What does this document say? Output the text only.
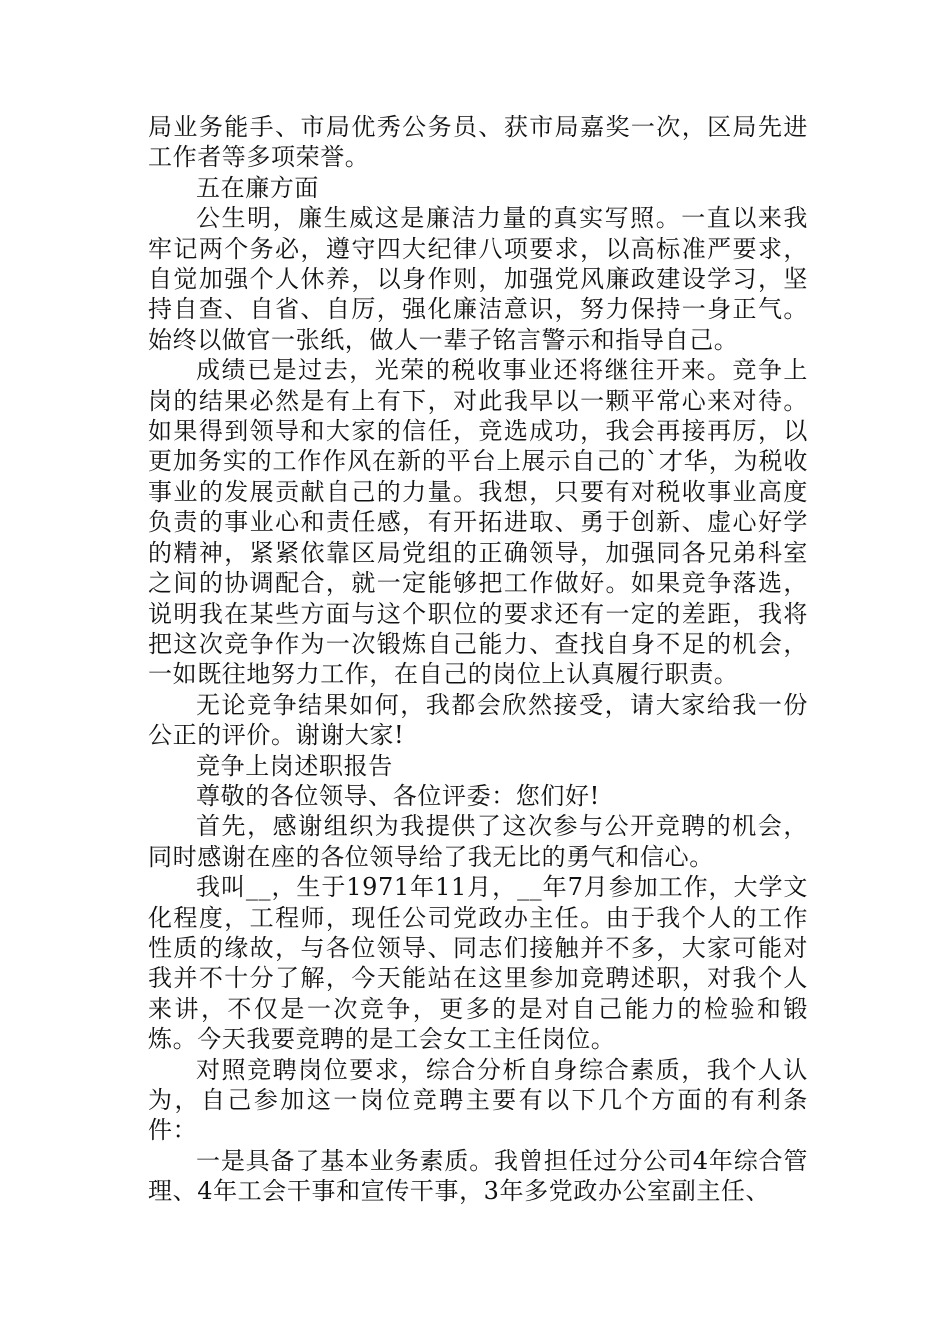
局业务能手、市局优秀公务员、获市局嘉奖一次，区局先进工作者等多项荣誉。

五在廉方面

公生明，廉生威这是廉洁力量的真实写照。一直以来我牢记两个务必，遵守四大纪律八项要求，以高标准严要求，自觉加强个人休养，以身作则，加强党风廉政建设学习，坚持自查、自省、自厉，强化廉洁意识，努力保持一身正气。始终以做官一张纸，做人一辈子铭言警示和指导自己。

成绩已是过去，光荣的税收事业还将继往开来。竞争上岗的结果必然是有上有下，对此我早以一颗平常心来对待。如果得到领导和大家的信任，竞选成功，我会再接再厉，以更加务实的工作作风在新的平台上展示自己的`才华，为税收事业的发展贡献自己的力量。我想，只要有对税收事业高度负责的事业心和责任感，有开拓进取、勇于创新、虚心好学的精神，紧紧依靠区局党组的正确领导，加强同各兄弟科室之间的协调配合，就一定能够把工作做好。如果竞争落选，说明我在某些方面与这个职位的要求还有一定的差距，我将把这次竞争作为一次锻炼自己能力、查找自身不足的机会，一如既往地努力工作，在自己的岗位上认真履行职责。

无论竞争结果如何，我都会欣然接受，请大家给我一份公正的评价。谢谢大家!

竞争上岗述职报告

尊敬的各位领导、各位评委：您们好!

首先，感谢组织为我提供了这次参与公开竞聘的机会，同时感谢在座的各位领导给了我无比的勇气和信心。

我叫__，生于1971年11月，__年7月参加工作，大学文化程度，工程师，现任公司党政办主任。由于我个人的工作性质的缘故，与各位领导、同志们接触并不多，大家可能对我并不十分了解，今天能站在这里参加竞聘述职，对我个人来讲，不仅是一次竞争，更多的是对自己能力的检验和锻炼。今天我要竞聘的是工会女工主任岗位。

对照竞聘岗位要求，综合分析自身综合素质，我个人认为，自己参加这一岗位竞聘主要有以下几个方面的有利条件：

一是具备了基本业务素质。我曾担任过分公司4年综合管理、4年工会干事和宣传干事，3年多党政办公室副主任、
